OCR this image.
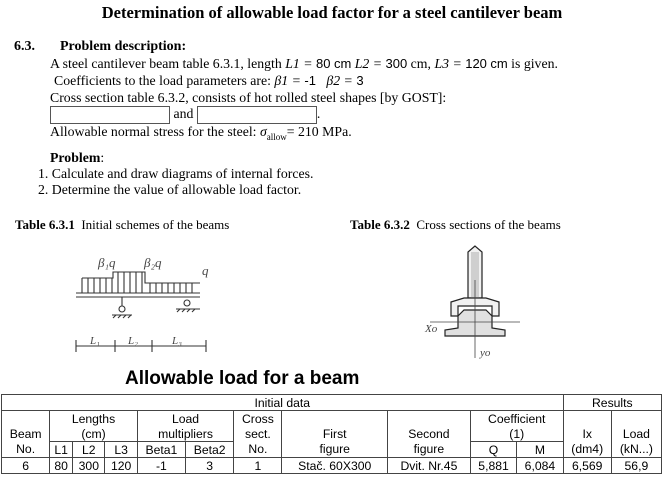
Determination of allowable load factor for a steel cantilever beam
6.3. Problem description:
A steel cantilever beam table 6.3.1, length L1 = 80 cm L2 = 300 cm, L3 = 120 cm is given.
Coefficients to the load parameters are: β1 = -1 β2 = 3
Cross section table 6.3.2, consists of hot rolled steel shapes [by GOST]:
and	.
Allowable normal stress for the steel: $\sigma_{allow}= 210$ MPa.
Problem:
1. Calculate and draw diagrams of internal forces.
2. Determine the value of allowable load factor.
Table 6.3.1 Initial schemes of the beams	Table 6.3.2 Cross sections of the beams
β₁q β₂q
q
L₁	L₂	L₃
Xo
yo
Allowable load for a beam
Initial data											Results	
	Lengths			Load		Cross			Coefficient			
Beam	(cm)			multipliers		sect.	First	Second	(1)		Ix	Load
No.	L1	L2	L3	Beta1	Beta2	No.	figure	figure	Q	M	(dm4)	(kN...)
6	80	300	120	-1	3	1	Stač. 60X300	Dvit. Nr.45	5,881	6,084	6,569	56,9
